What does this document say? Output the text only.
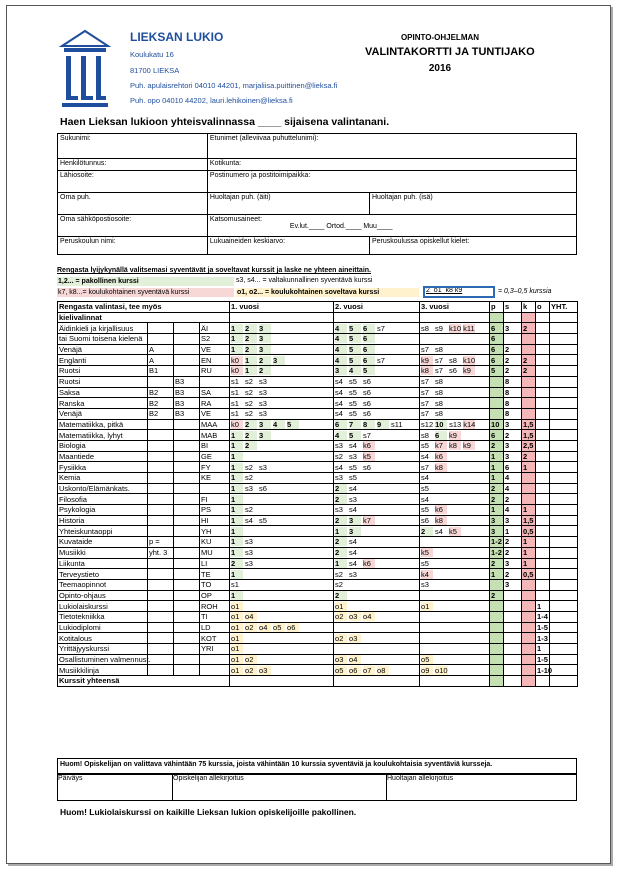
LIEKSAN LUKIO
Koulukatu 16
81700 LIEKSA
Puh. apulaisrehtori 04010 44201, marjaliisa.puittinen@lieksa.fi
Puh. opo 04010 44202, lauri.lehikoinen@lieksa.fi
OPINTO-OHJELMAN
VALINTAKORTTI JA TUNTIJAKO
2016
Haen Lieksan lukioon yhteisvalinnassa ____ sijaisena valintanani.
Sukunimi:	Etunimet (alleviivaa puhuttelunimi):	
Henkilötunnus:	Kotikunta:	
Lähiosoite:	Postinumero ja postitoimipaikka:	
Oma puh.	Huoltajan puh. (äiti)	Huoltajan puh. (isä)
Oma sähköpostiosoite:	Katsomusaineet:
Ev.lut.____ Ortod.____ Muu____	
Peruskoulun nimi:	Lukuaineiden keskiarvo:	Peruskoulussa opiskellut kielet:
Rengasta lyijykynällä valitsemasi syventävät ja soveltavat kurssit ja laske ne yhteen aineittain.
1,2... = pakollinen kurssi	s3, s4... = valtakunnallinen syventävä kurssi
k7, k8...= koulukohtainen syventävä kurssi	o1, o2... = koulukohtainen soveltava kurssi	2 o1 k8 k9	= 0,3–0,5 kurssia
Rengasta valintasi, tee myös				1. vuosi	2. vuosi	3. vuosi	p	s	k	o	YHT.
kielivalinnat											
Äidinkieli ja kirjallisuus			ÄI	1 2 3	4 5 6 s7	s8 s9 k10 k11	6	3	2		
tai Suomi toisena kielenä			S2	1 2 3	4 5 6		6				
Venäjä	A		VE	1 2 3	4 5 6	s7 s8	6	2			
Englanti	A		EN	k0 1 2 3	4 5 6 s7	k9 s7 s8 k10	6	2	2		
Ruotsi	B1		RU	k0 1 2	3 4 5	k8 s7 s6 k9	5	2	2		
Ruotsi		B3		s1 s2 s3	s4 s5 s6	s7 s8		8			
Saksa	B2	B3	SA	s1 s2 s3	s4 s5 s6	s7 s8		8			
Ranska	B2	B3	RA	s1 s2 s3	s4 s5 s6	s7 s8		8			
Venäjä	B2	B3	VE	s1 s2 s3	s4 s5 s6	s7 s8		8			
Matematiikka, pitkä			MAA	k0 2 3 4 5	6 7 8 9 s11	s12 10 s13 k14	10	3	1,5		
Matematiikka, lyhyt			MAB	1 2 3	4 5 s7	s8 6 k9	6	2	1,5		
Biologia			BI	1 2	s3 s4 k6	s5 k7 k8 k9	2	3	2,5		
Maantiede			GE	1	s2 s3 k5	s4 k6	1	3	2		
Fysiikka			FY	1 s2 s3	s4 s5 s6	s7 k8	1	6	1		
Kemia			KE	1 s2	s3 s5	s4	1	4			
Uskonto/Elämänkats.				1 s3 s6	2 s4	s5	2	4			
Filosofia			FI	1	2 s3	s4	2	2			
Psykologia			PS	1 s2	s3 s4	s5 k6	1	4	1		
Historia			HI	1 s4 s5	2 3 k7	s6 k8	3	3	1,5		
Yhteiskuntaoppi			YH	1	1 3	2 s4 k5	3	1	0,5		
Kuvataide	p =		KU	1 s3	2 s4		1-2	2	1		
Musiikki	yht. 3		MU	1 s3	2 s4	k5	1-2	2	1		
Liikunta			LI	2 s3	1 s4 k6	s5	2	3	1		
Terveystieto			TE	1	s2 s3	k4	1	2	0,5		
Teemaopinnot			TO	s1	s2	s3		3			
Opinto-ohjaus			OP	1	2		2				
Lukiolaiskurssi			ROH	o1	o1	o1				1	
Tietotekniikka			TI	o1 o4	o2 o3 o4					1-4	
Lukiodiplomi			LD	o1 o2 o4 o5 o6						1-5	
Kotitalous			KOT	o1	o2 o3					1-3	
Yrittäjyyskurssi			YRI	o1						1	
Osallistuminen valmennust.				o1 o2	o3 o4	o5				1-5	
Musiikkilinja				o1 o2 o3	o5 o6 o7 o8	o9 o10				1-10	
Kurssit yhteensä											
Huom! Opiskelijan on valittava vähintään 75 kurssia, joista vähintään 10 kurssia syventäviä ja koulukohtaisia syventäviä kursseja.
Päiväys	Opiskelijan allekirjoitus	Huoltajan allekirjoitus
Huom! Lukiolaiskurssi on kaikille Lieksan lukion opiskelijoille pakollinen.
